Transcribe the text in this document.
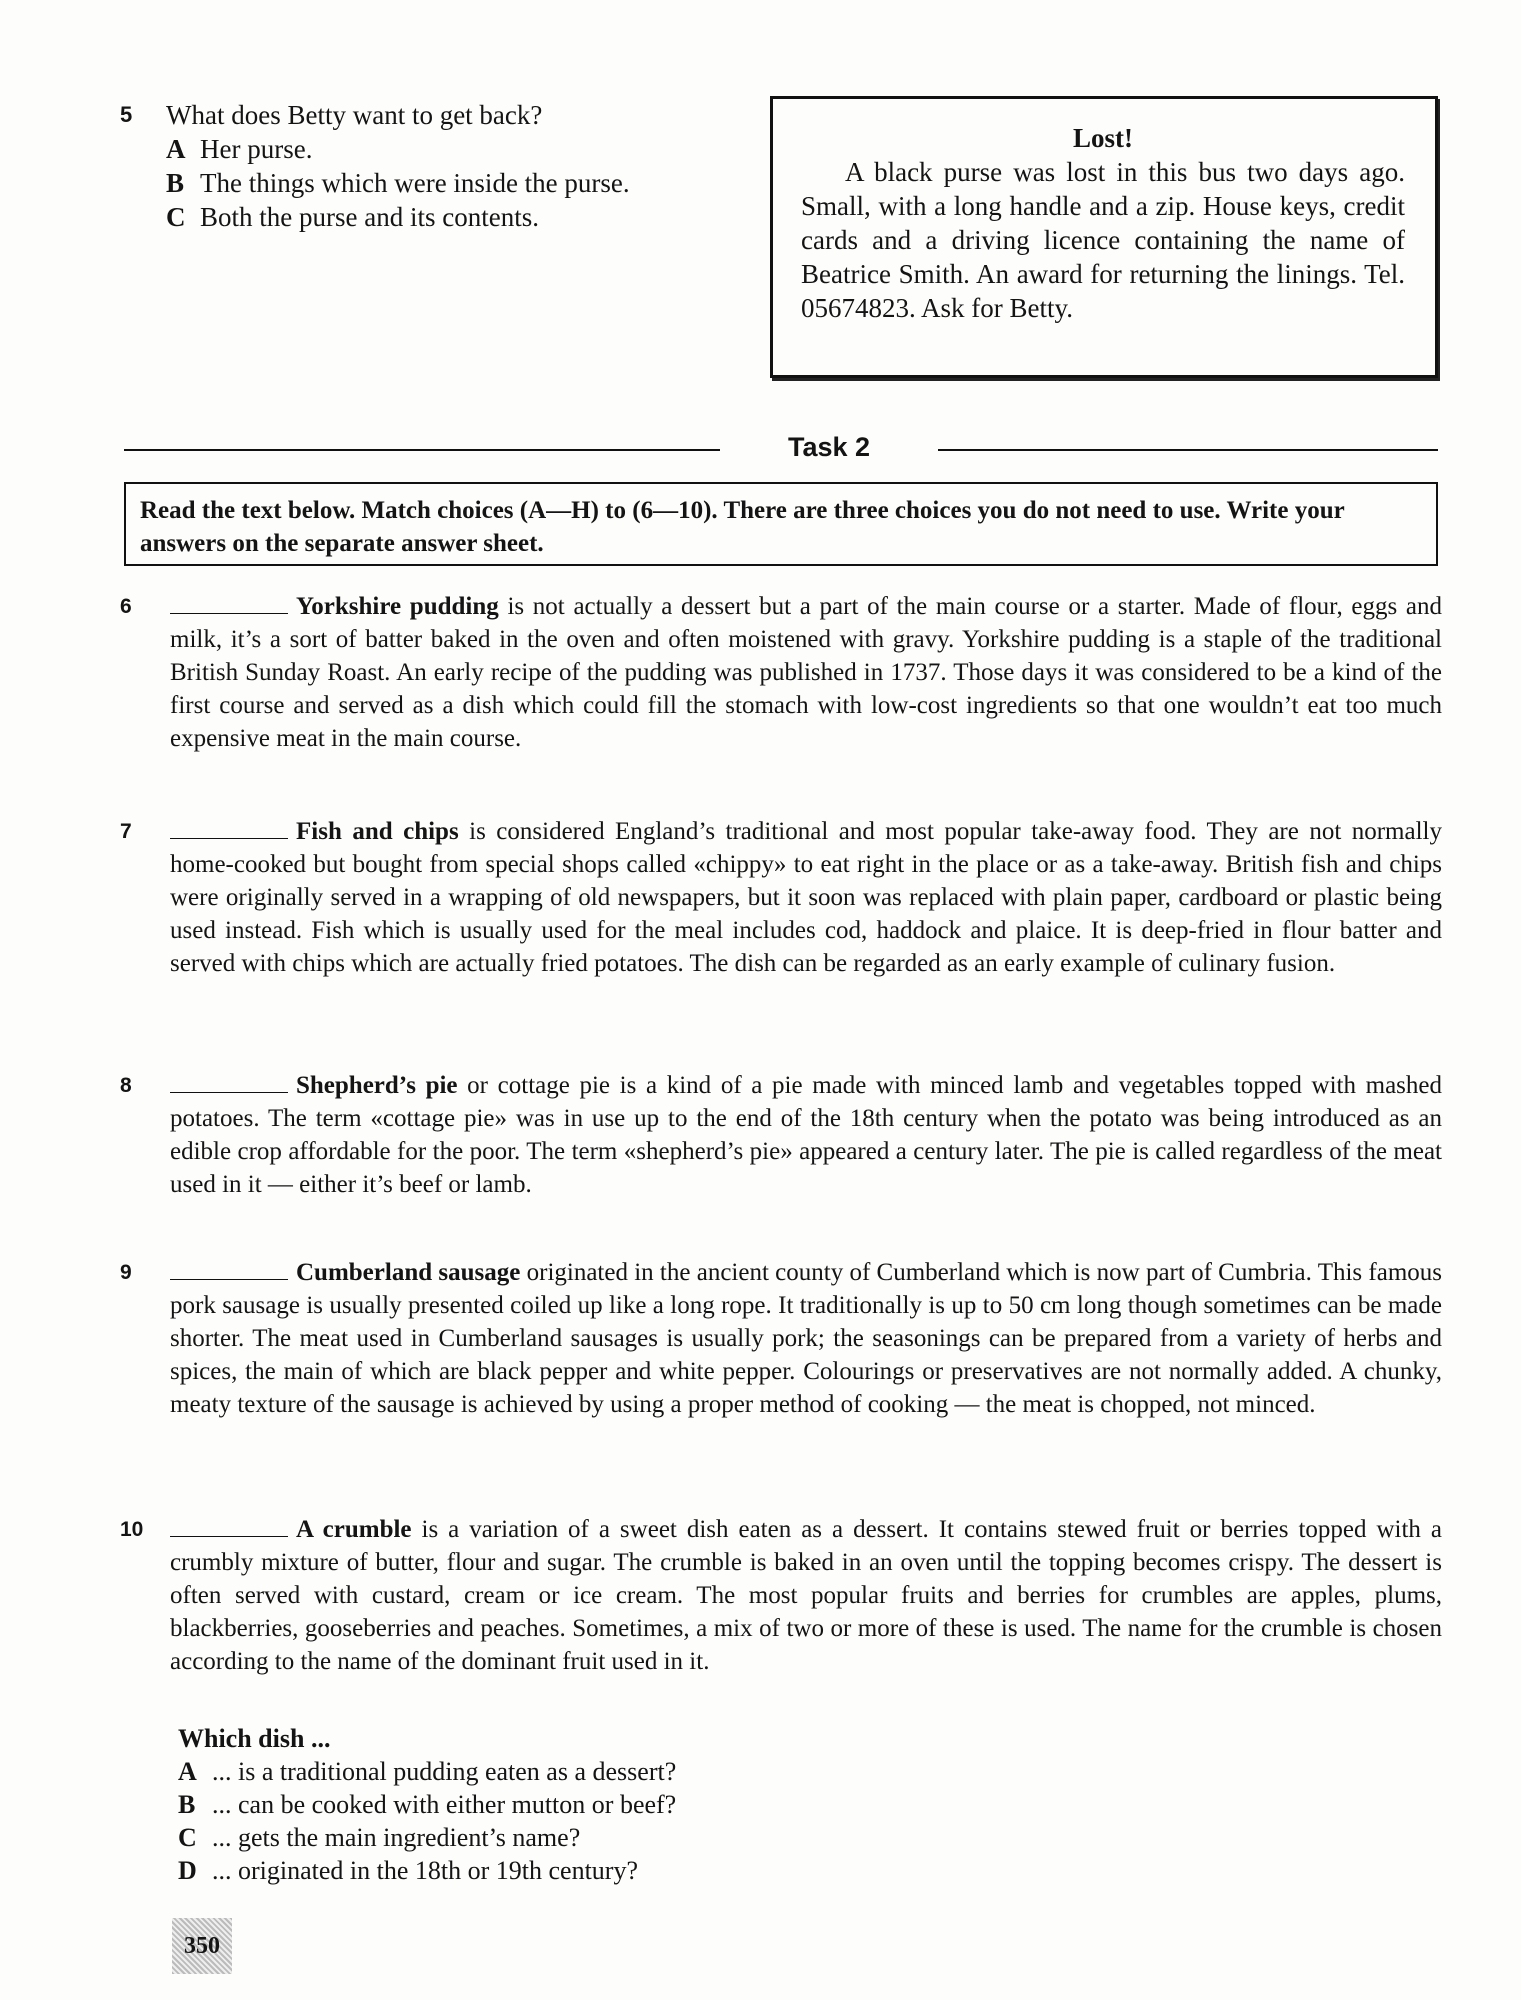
5 What does Betty want to get back?
A Her purse.
B The things which were inside the purse.
C Both the purse and its contents.
Lost!

A black purse was lost in this bus two days ago. Small, with a long handle and a zip. House keys, credit cards and a driving licence containing the name of Beatrice Smith. An award for returning the linings. Tel. 05674823. Ask for Betty.

Task 2
Read the text below. Match choices (A—H) to (6—10). There are three choices you do not need to use. Write your answers on the separate answer sheet.
6	Yorkshire pudding is not actually a dessert but a part of the main course or a starter. Made of flour, eggs and milk, it’s a sort of batter baked in the oven and often moistened with gravy. Yorkshire pudding is a staple of the traditional British Sunday Roast. An early recipe of the pudding was published in 1737. Those days it was considered to be a kind of the first course and served as a dish which could fill the stomach with low-cost ingredients so that one wouldn’t eat too much expensive meat in the main course.
7	Fish and chips is considered England’s traditional and most popular take-away food. They are not normally home-cooked but bought from special shops called «chippy» to eat right in the place or as a take-away. British fish and chips were originally served in a wrapping of old newspapers, but it soon was replaced with plain paper, cardboard or plastic being used instead. Fish which is usually used for the meal includes cod, haddock and plaice. It is deep-fried in flour batter and served with chips which are actually fried potatoes. The dish can be regarded as an early example of culinary fusion.
8	Shepherd’s pie or cottage pie is a kind of a pie made with minced lamb and vegetables topped with mashed potatoes. The term «cottage pie» was in use up to the end of the 18th century when the potato was being introduced as an edible crop affordable for the poor. The term «shepherd’s pie» appeared a century later. The pie is called regardless of the meat used in it — either it’s beef or lamb.
9	Cumberland sausage originated in the ancient county of Cumberland which is now part of Cumbria. This famous pork sausage is usually presented coiled up like a long rope. It traditionally is up to 50 cm long though sometimes can be made shorter. The meat used in Cumberland sausages is usually pork; the seasonings can be prepared from a variety of herbs and spices, the main of which are black pepper and white pepper. Colourings or preservatives are not normally added. A chunky, meaty texture of the sausage is achieved by using a proper method of cooking — the meat is chopped, not minced.
10	A crumble is a variation of a sweet dish eaten as a dessert. It contains stewed fruit or berries topped with a crumbly mixture of butter, flour and sugar. The crumble is baked in an oven until the topping becomes crispy. The dessert is often served with custard, cream or ice cream. The most popular fruits and berries for crumbles are apples, plums, blackberries, gooseberries and peaches. Sometimes, a mix of two or more of these is used. The name for the crumble is chosen according to the name of the dominant fruit used in it.
Which dish ...
A ... is a traditional pudding eaten as a dessert?
B ... can be cooked with either mutton or beef?
C ... gets the main ingredient’s name?
D ... originated in the 18th or 19th century?
350
